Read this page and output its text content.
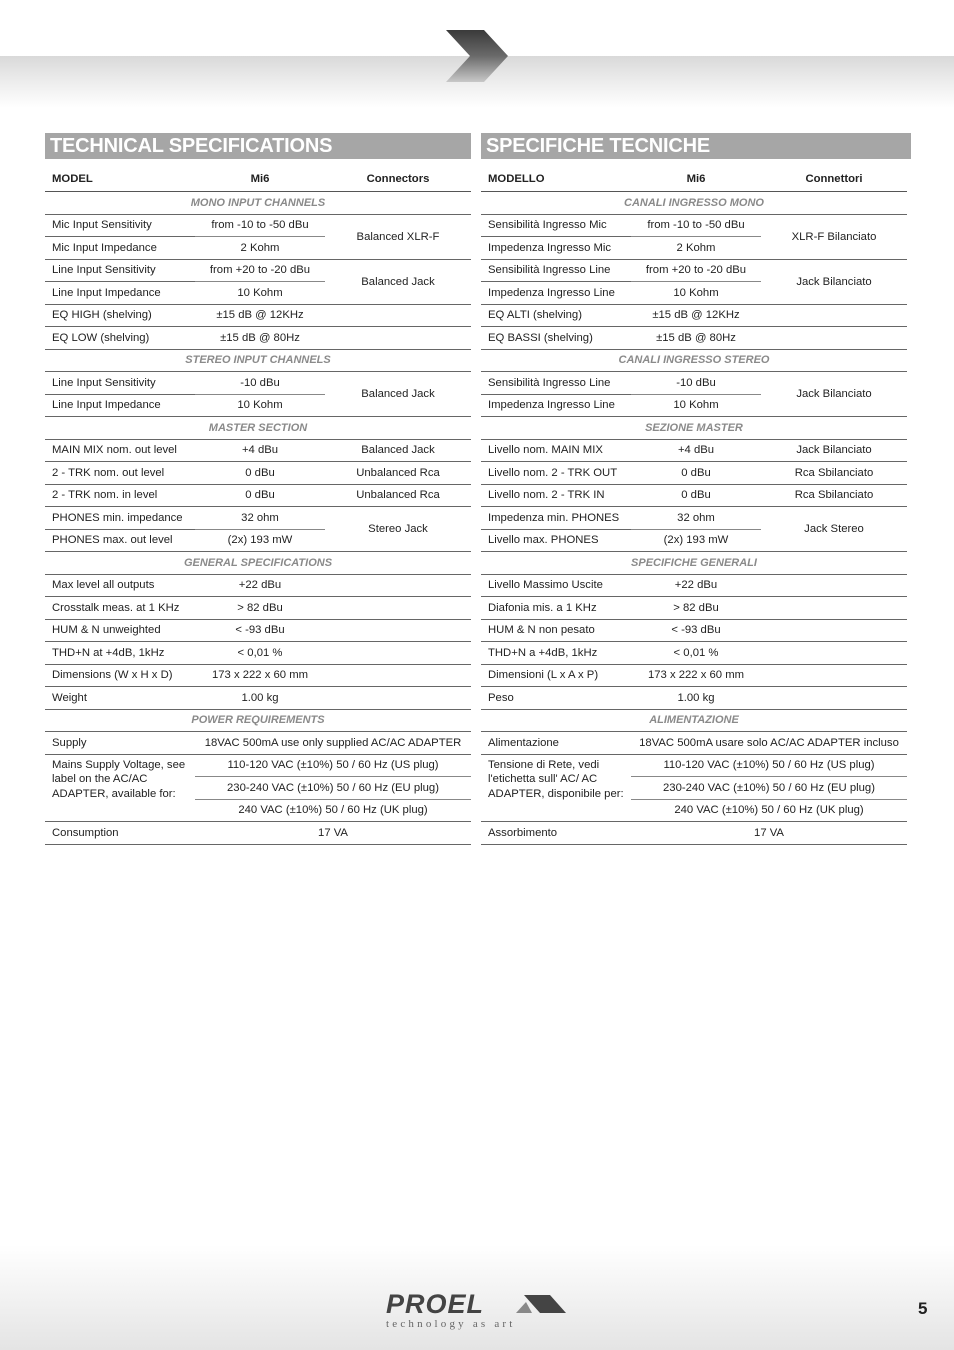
TECHNICAL SPECIFICATIONS
MODEL	Mi6	Connectors
MONO INPUT CHANNELS		
Mic Input Sensitivity	from -10 to -50 dBu	Balanced XLR-F
Mic Input Impedance	2 Kohm	
Line Input Sensitivity	from +20 to -20 dBu	Balanced Jack
Line Input Impedance	10 Kohm	
EQ HIGH (shelving)	±15 dB @ 12KHz	
EQ LOW (shelving)	±15 dB @ 80Hz	
STEREO INPUT CHANNELS		
Line Input Sensitivity	-10 dBu	Balanced Jack
Line Input Impedance	10 Kohm	
MASTER SECTION		
MAIN MIX nom. out level	+4 dBu	Balanced Jack
2 - TRK nom. out level	0 dBu	Unbalanced Rca
2 - TRK nom. in level	0 dBu	Unbalanced Rca
PHONES min. impedance	32 ohm	Stereo Jack
PHONES max. out level	(2x) 193 mW	
GENERAL SPECIFICATIONS		
Max level all outputs	+22 dBu	
Crosstalk meas. at 1 KHz	> 82 dBu	
HUM & N unweighted	< -93 dBu	
THD+N at +4dB, 1kHz	< 0,01 %	
Dimensions (W x H x D)	173 x 222 x 60 mm	
Weight	1.00 kg	
POWER REQUIREMENTS		
Supply	18VAC 500mA use only supplied AC/AC ADAPTER	
Mains Supply Voltage, see label on the AC/AC ADAPTER, available for:	110-120 VAC (±10%) 50 / 60 Hz (US plug)	
	230-240 VAC (±10%) 50 / 60 Hz (EU plug)	
	240 VAC (±10%) 50 / 60 Hz (UK plug)	
Consumption	17 VA	
SPECIFICHE TECNICHE
MODELLO	Mi6	Connettori
CANALI INGRESSO MONO		
Sensibilità Ingresso Mic	from -10 to -50 dBu	XLR-F Bilanciato
Impedenza Ingresso Mic	2 Kohm	
Sensibilità Ingresso Line	from +20 to -20 dBu	Jack Bilanciato
Impedenza Ingresso Line	10 Kohm	
EQ ALTI (shelving)	±15 dB @ 12KHz	
EQ BASSI (shelving)	±15 dB @ 80Hz	
CANALI INGRESSO STEREO		
Sensibilità Ingresso Line	-10 dBu	Jack Bilanciato
Impedenza Ingresso Line	10 Kohm	
SEZIONE MASTER		
Livello nom. MAIN MIX	+4 dBu	Jack Bilanciato
Livello nom. 2 - TRK OUT	0 dBu	Rca Sbilanciato
Livello nom. 2 - TRK IN	0 dBu	Rca Sbilanciato
Impedenza min. PHONES	32 ohm	Jack Stereo
Livello max. PHONES	(2x) 193 mW	
SPECIFICHE GENERALI		
Livello Massimo Uscite	+22 dBu	
Diafonia mis. a 1 KHz	> 82 dBu	
HUM & N non pesato	< -93 dBu	
THD+N a +4dB, 1kHz	< 0,01 %	
Dimensioni (L x A x P)	173 x 222 x 60 mm	
Peso	1.00 kg	
ALIMENTAZIONE		
Alimentazione	18VAC 500mA usare solo AC/AC ADAPTER incluso	
Tensione di Rete, vedi l'etichetta sull' AC/ AC ADAPTER, disponibile per:	110-120 VAC (±10%) 50 / 60 Hz (US plug)	
	230-240 VAC (±10%) 50 / 60 Hz (EU plug)	
	240 VAC (±10%) 50 / 60 Hz (UK plug)	
Assorbimento	17 VA	
PROEL
technology as art
5
